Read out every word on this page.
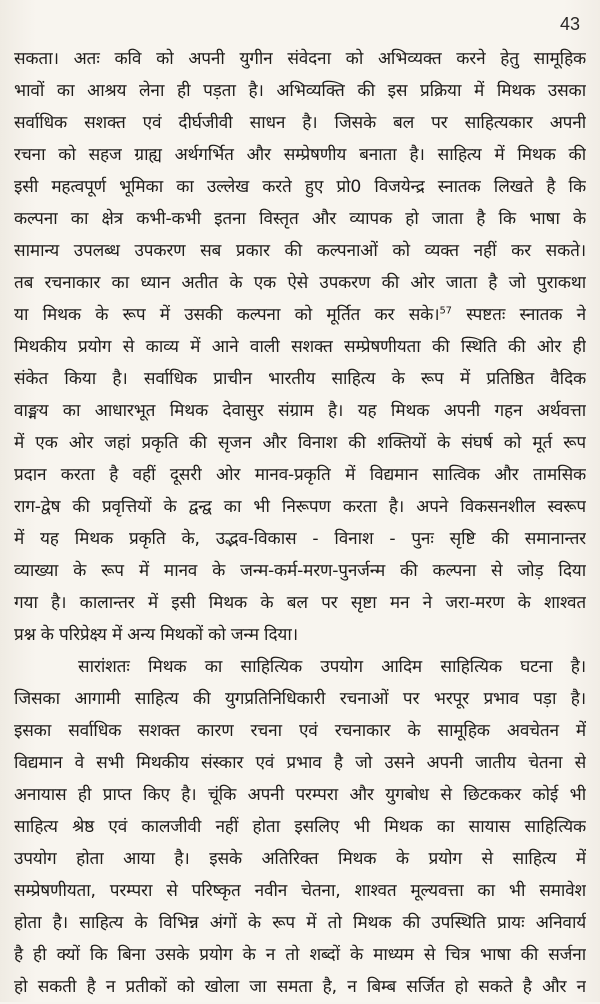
43
सकता। अतः कवि को अपनी युगीन संवेदना को अभिव्यक्त करने हेतु सामूहिक
भावों का आश्रय लेना ही पड़ता है। अभिव्यक्ति की इस प्रक्रिया में मिथक उसका
सर्वाधिक सशक्त एवं दीर्घजीवी साधन है। जिसके बल पर साहित्यकार अपनी
रचना को सहज ग्राह्य अर्थगर्भित और सम्प्रेषणीय बनाता है। साहित्य में मिथक की
इसी महत्वपूर्ण भूमिका का उल्लेख करते हुए प्रो0 विजयेन्द्र स्नातक लिखते है कि
कल्पना का क्षेत्र कभी-कभी इतना विस्तृत और व्यापक हो जाता है कि भाषा के
सामान्य उपलब्ध उपकरण सब प्रकार की कल्पनाओं को व्यक्त नहीं कर सकते।
तब रचनाकार का ध्यान अतीत के एक ऐसे उपकरण की ओर जाता है जो पुराकथा
या मिथक के रूप में उसकी कल्पना को मूर्तित कर सके।$^{57}$ स्पष्टतः स्नातक ने
मिथकीय प्रयोग से काव्य में आने वाली सशक्त सम्प्रेषणीयता की स्थिति की ओर ही
संकेत किया है। सर्वाधिक प्राचीन भारतीय साहित्य के रूप में प्रतिष्ठित वैदिक
वाङ्मय का आधारभूत मिथक देवासुर संग्राम है। यह मिथक अपनी गहन अर्थवत्ता
में एक ओर जहां प्रकृति की सृजन और विनाश की शक्तियों के संघर्ष को मूर्त रूप
प्रदान करता है वहीं दूसरी ओर मानव-प्रकृति में विद्यमान सात्विक और तामसिक
राग-द्वेष की प्रवृत्तियों के द्वन्द्व का भी निरूपण करता है। अपने विकसनशील स्वरूप
में यह मिथक प्रकृति के, उद्भव-विकास - विनाश - पुनः सृष्टि की समानान्तर
व्याख्या के रूप में मानव के जन्म-कर्म-मरण-पुनर्जन्म की कल्पना से जोड़ दिया
गया है। कालान्तर में इसी मिथक के बल पर सृष्टा मन ने जरा-मरण के शाश्वत
प्रश्न के परिप्रेक्ष्य में अन्य मिथकों को जन्म दिया।
सारांशतः मिथक का साहित्यिक उपयोग आदिम साहित्यिक घटना है।
जिसका आगामी साहित्य की युगप्रतिनिधिकारी रचनाओं पर भरपूर प्रभाव पड़ा है।
इसका सर्वाधिक सशक्त कारण रचना एवं रचनाकार के सामूहिक अवचेतन में
विद्यमान वे सभी मिथकीय संस्कार एवं प्रभाव है जो उसने अपनी जातीय चेतना से
अनायास ही प्राप्त किए है। चूंकि अपनी परम्परा और युगबोध से छिटककर कोई भी
साहित्य श्रेष्ठ एवं कालजीवी नहीं होता इसलिए भी मिथक का सायास साहित्यिक
उपयोग होता आया है। इसके अतिरिक्त मिथक के प्रयोग से साहित्य में
सम्प्रेषणीयता, परम्परा से परिष्कृत नवीन चेतना, शाश्वत मूल्यवत्ता का भी समावेश
होता है। साहित्य के विभिन्न अंगों के रूप में तो मिथक की उपस्थिति प्रायः अनिवार्य
है ही क्यों कि बिना उसके प्रयोग के न तो शब्दों के माध्यम से चित्र भाषा की सर्जना
हो सकती है न प्रतीकों को खोला जा समता है, न बिम्ब सर्जित हो सकते है और न
